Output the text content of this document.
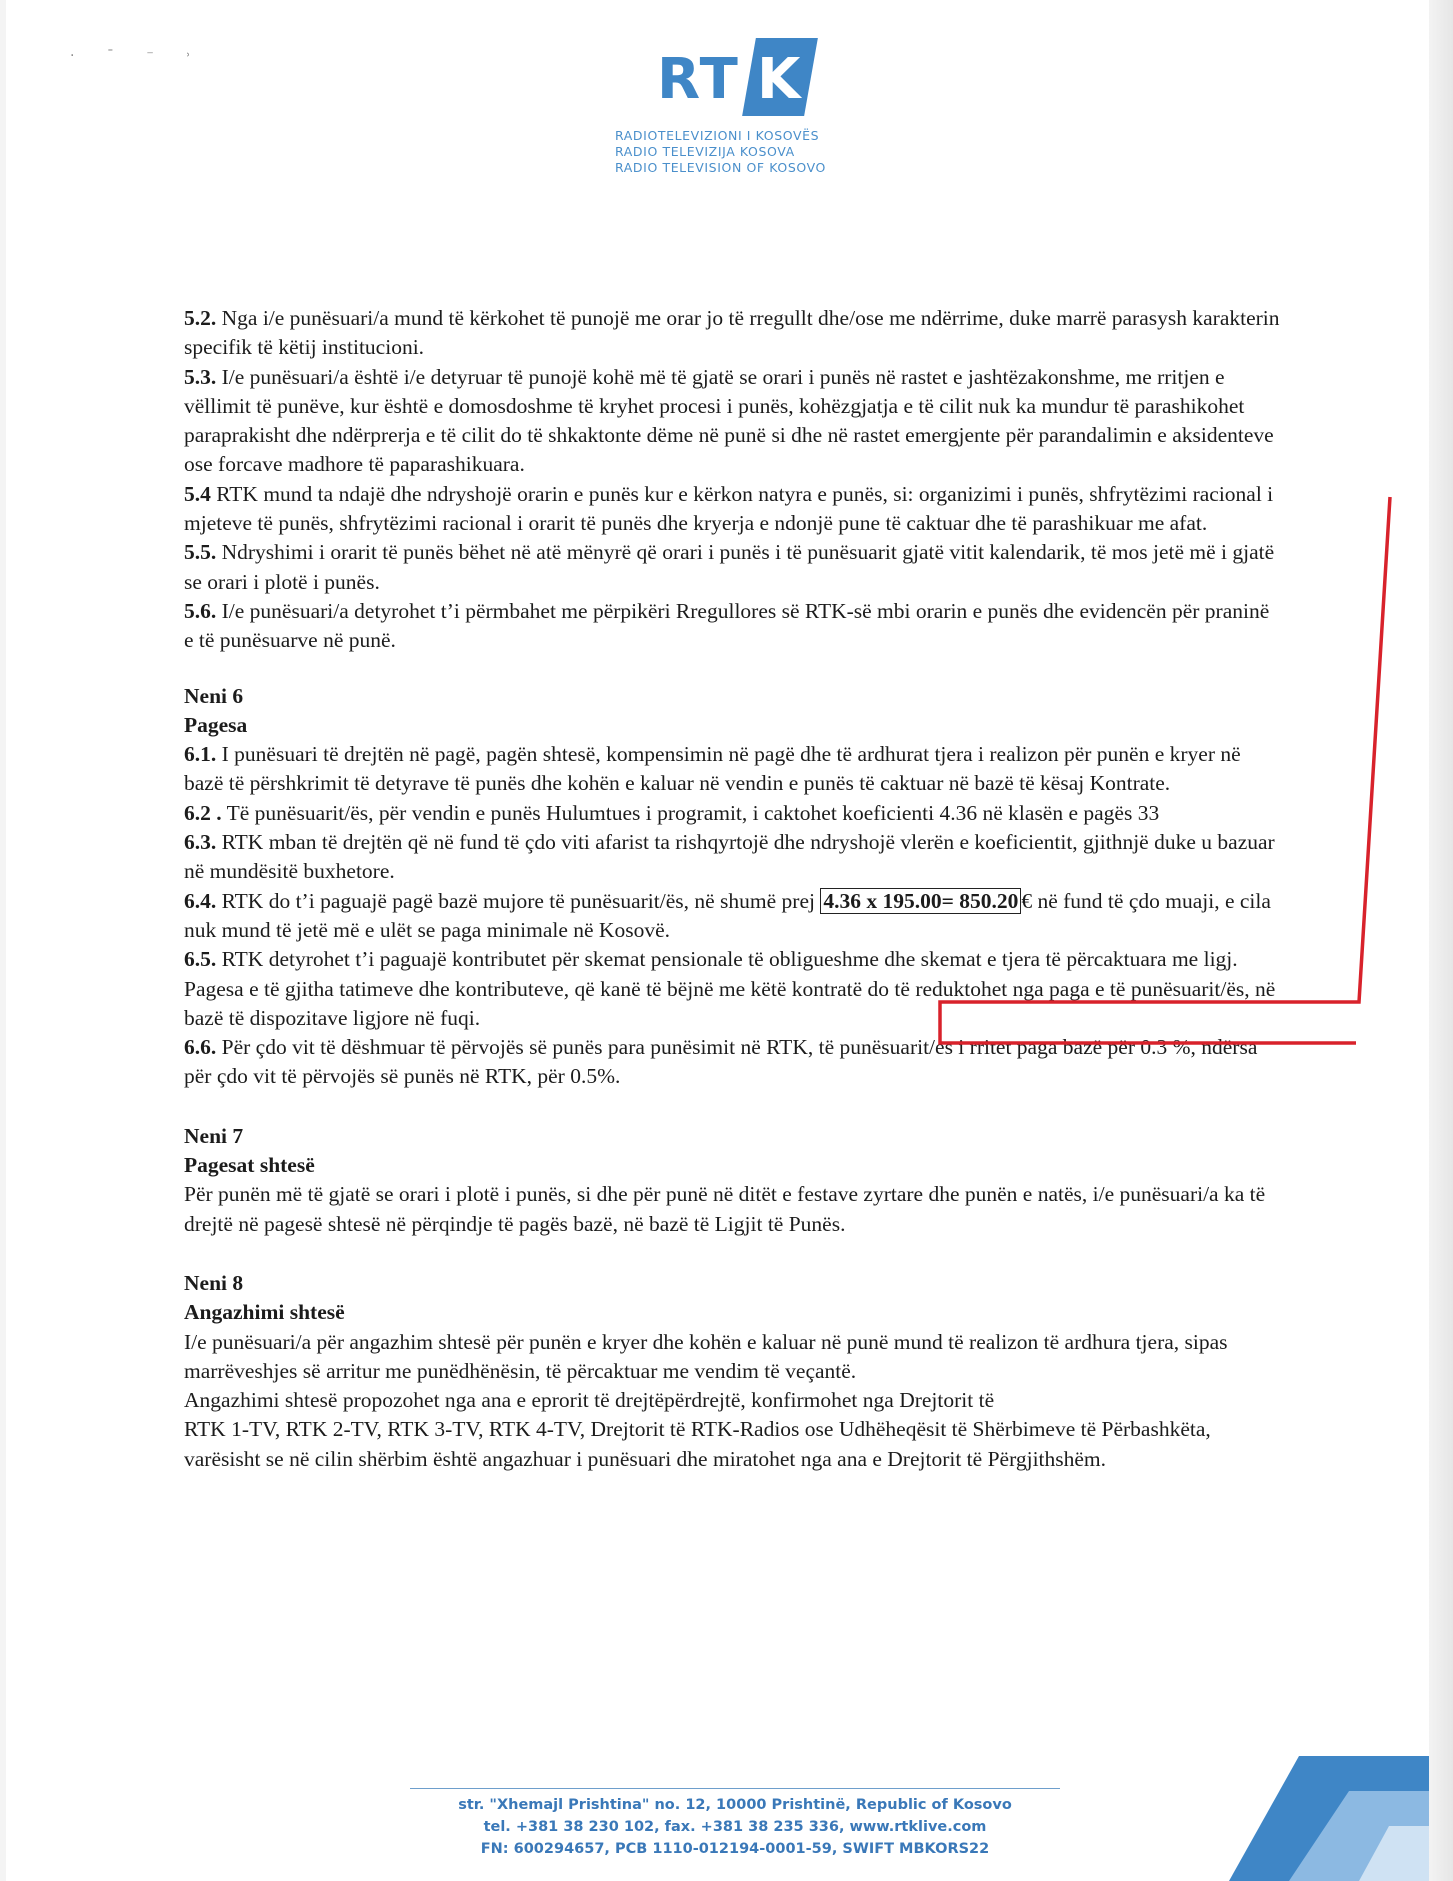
· ˉ ⁻ ˒	RT K
RADIOTELEVIZIONI I KOSOVËS
RADIO TELEVIZIJA KOSOVA
RADIO TELEVISION OF KOSOVO

5.2. Nga i/e punësuari/a mund të kërkohet të punojë me orar jo të rregullt dhe/ose me ndërrime, duke marrë parasysh karakterin specifik të këtij institucioni.

5.3. I/e punësuari/a është i/e detyruar të punojë kohë më të gjatë se orari i punës në rastet e jashtëzakonshme, me rritjen e vëllimit të punëve, kur është e domosdoshme të kryhet procesi i punës, kohëzgjatja e të cilit nuk ka mundur të parashikohet paraprakisht dhe ndërprerja e të cilit do të shkaktonte dëme në punë si dhe në rastet emergjente për parandalimin e aksidenteve ose forcave madhore të paparashikuara.

5.4 RTK mund ta ndajë dhe ndryshojë orarin e punës kur e kërkon natyra e punës, si: organizimi i punës, shfrytëzimi racional i mjeteve të punës, shfrytëzimi racional i orarit të punës dhe kryerja e ndonjë pune të caktuar dhe të parashikuar me afat.

5.5. Ndryshimi i orarit të punës bëhet në atë mënyrë që orari i punës i të punësuarit gjatë vitit kalendarik, të mos jetë më i gjatë se orari i plotë i punës.

5.6. I/e punësuari/a detyrohet t’i përmbahet me përpikëri Rregullores së RTK-së mbi orarin e punës dhe evidencën për praninë e të punësuarve në punë.

Neni 6

Pagesa

6.1. I punësuari të drejtën në pagë, pagën shtesë, kompensimin në pagë dhe të ardhurat tjera i realizon për punën e kryer në bazë të përshkrimit të detyrave të punës dhe kohën e kaluar në vendin e punës të caktuar në bazë të kësaj Kontrate.

6.2 . Të punësuarit/ës, për vendin e punës Hulumtues i programit, i caktohet koeficienti 4.36 në klasën e pagës 33

6.3. RTK mban të drejtën që në fund të çdo viti afarist ta rishqyrtojë dhe ndryshojë vlerën e koeficientit, gjithnjë duke u bazuar në mundësitë buxhetore.

6.4. RTK do t’i paguajë pagë bazë mujore të punësuarit/ës, në shumë prej 4.36 x 195.00= 850.20 € në fund të çdo muaji, e cila nuk mund të jetë më e ulët se paga minimale në Kosovë.

6.5. RTK detyrohet t’i paguajë kontributet për skemat pensionale të obligueshme dhe skemat e tjera të përcaktuara me ligj. Pagesa e të gjitha tatimeve dhe kontributeve, që kanë të bëjnë me këtë kontratë do të reduktohet nga paga e të punësuarit/ës, në bazë të dispozitave ligjore në fuqi.

6.6. Për çdo vit të dëshmuar të përvojës së punës para punësimit në RTK, të punësuarit/es i rritet paga bazë për 0.3 %, ndërsa për çdo vit të përvojës së punës në RTK, për 0.5%.

Neni 7

Pagesat shtesë

Për punën më të gjatë se orari i plotë i punës, si dhe për punë në ditët e festave zyrtare dhe punën e natës, i/e punësuari/a ka të drejtë në pagesë shtesë në përqindje të pagës bazë, në bazë të Ligjit të Punës.

Neni 8

Angazhimi shtesë

I/e punësuari/a për angazhim shtesë për punën e kryer dhe kohën e kaluar në punë mund të realizon të ardhura tjera, sipas marrëveshjes së arritur me punëdhënësin, të përcaktuar me vendim të veçantë.

Angazhimi shtesë propozohet nga ana e eprorit të drejtëpërdrejtë, konfirmohet nga Drejtorit të

RTK 1-TV, RTK 2-TV, RTK 3-TV, RTK 4-TV, Drejtorit të RTK-Radios ose Udhëheqësit të Shërbimeve të Përbashkëta, varësisht se në cilin shërbim është angazhuar i punësuari dhe miratohet nga ana e Drejtorit të Përgjithshëm.

str. "Xhemajl Prishtina" no. 12, 10000 Prishtinë, Republic of Kosovo
tel. +381 38 230 102, fax. +381 38 235 336, www.rtklive.com
FN: 600294657, PCB 1110-012194-0001-59, SWIFT MBKORS22
